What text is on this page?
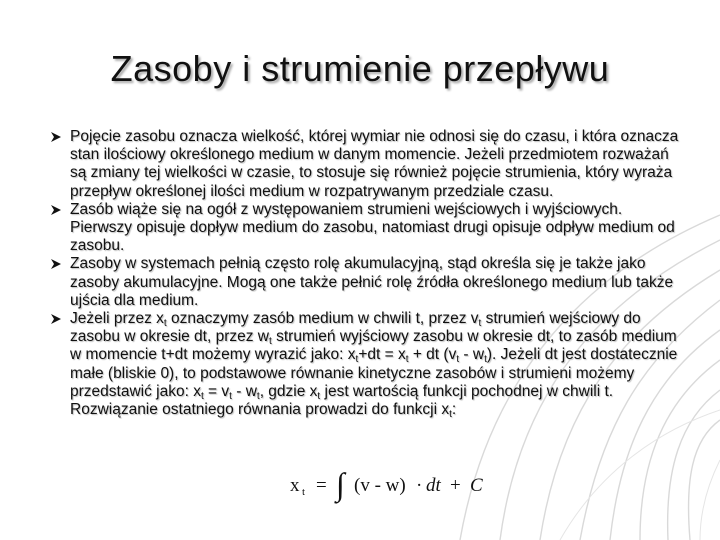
Zasoby i strumienie przepływu
Pojęcie zasobu oznacza wielkość, której wymiar nie odnosi się do czasu, i która oznacza stan ilościowy określonego medium w danym momencie. Jeżeli przedmiotem rozważań są zmiany tej wielkości w czasie, to stosuje się również pojęcie strumienia, który wyraża przepływ określonej ilości medium w rozpatrywanym przedziale czasu.
Zasób wiąże się na ogół z występowaniem strumieni wejściowych i wyjściowych. Pierwszy opisuje dopływ medium do zasobu, natomiast drugi opisuje odpływ medium od zasobu.
Zasoby w systemach pełnią często rolę akumulacyjną, stąd określa się je także jako zasoby akumulacyjne. Mogą one także pełnić rolę źródła określonego medium lub także ujścia dla medium.
Jeżeli przez $x_t$ oznaczymy zasób medium w chwili t, przez $v_t$ strumień wejściowy do zasobu w okresie dt, przez $w_t$ strumień wyjściowy zasobu w okresie dt, to zasób medium w momencie t+dt możemy wyrazić jako: $x_t+dt = x_t$ + dt $(v_t - w_t)$. Jeżeli dt jest dostatecznie małe (bliskie 0), to podstawowe równanie kinetyczne zasobów i strumieni możemy przedstawić jako: $x_t = v_t - w_t$, gdzie $x_t$ jest wartością funkcji pochodnej w chwili t. Rozwiązanie ostatniego równania prowadzi do funkcji $x_t$:
x t = ∫ (v - w) · dt + C
